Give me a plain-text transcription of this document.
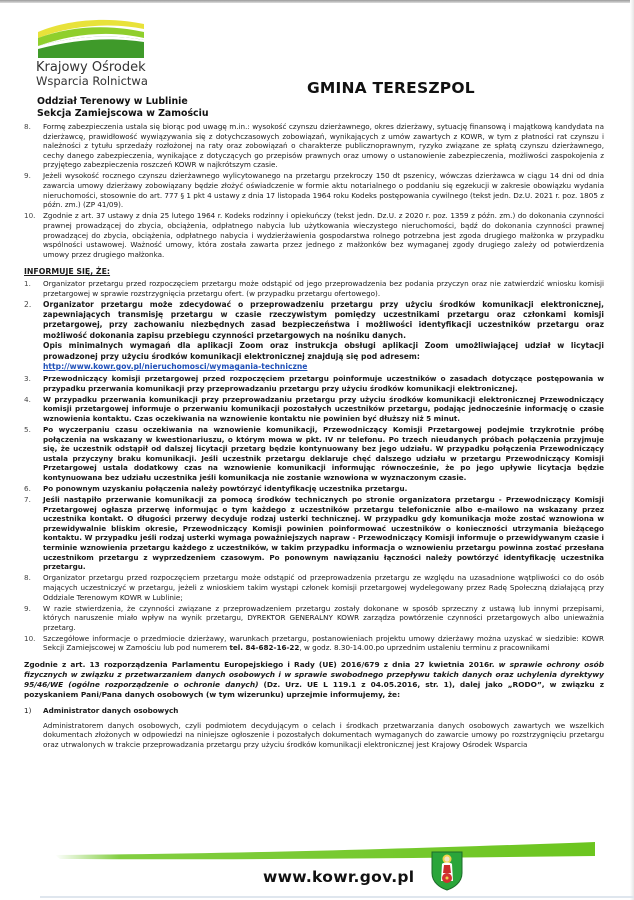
Krajowy Ośrodek
Wsparcia Rolnictwa
Oddział Terenowy w Lublinie
Sekcja Zamiejscowa w Zamościu
GMINA TERESZPOL
8. Formę zabezpieczenia ustala się biorąc pod uwagę m.in.: wysokość czynszu dzierżawnego, okres dzierżawy, sytuację finansową i majątkową kandydata na dzierżawcę, prawidłowość wywiązywania się z dotychczasowych zobowiązań, wynikających z umów zawartych z KOWR, w tym z płatności rat czynszu i należności z tytułu sprzedaży rozłożonej na raty oraz zobowiązań o charakterze publicznoprawnym, ryzyko związane ze spłatą czynszu dzierżawnego, cechy danego zabezpieczenia, wynikające z dotyczących go przepisów prawnych oraz umowy o ustanowienie zabezpieczenia, możliwości zaspokojenia z przyjętego zabezpieczenia roszczeń KOWR w najkrótszym czasie.
9. Jeżeli wysokość rocznego czynszu dzierżawnego wylicytowanego na przetargu przekroczy 150 dt pszenicy, wówczas dzierżawca w ciągu 14 dni od dnia zawarcia umowy dzierżawy zobowiązany będzie złożyć oświadczenie w formie aktu notarialnego o poddaniu się egzekucji w zakresie obowiązku wydania nieruchomości, stosownie do art. 777 § 1 pkt 4 ustawy z dnia 17 listopada 1964 roku Kodeks postępowania cywilnego (tekst jedn. Dz.U. 2021 r. poz. 1805 z późn. zm.) (ZP 41/09).
10. Zgodnie z art. 37 ustawy z dnia 25 lutego 1964 r. Kodeks rodzinny i opiekuńczy (tekst jedn. Dz.U. z 2020 r. poz. 1359 z późn. zm.) do dokonania czynności prawnej prowadzącej do zbycia, obciążenia, odpłatnego nabycia lub użytkowania wieczystego nieruchomości, bądź do dokonania czynności prawnej prowadzącej do zbycia, obciążenia, odpłatnego nabycia i wydzierżawienia gospodarstwa rolnego potrzebna jest zgoda drugiego małżonka w przypadku wspólności ustawowej. Ważność umowy, która została zawarta przez jednego z małżonków bez wymaganej zgody drugiego zależy od potwierdzenia umowy przez drugiego małżonka.
INFORMUJE SIĘ, ŻE:
1. Organizator przetargu przed rozpoczęciem przetargu może odstąpić od jego przeprowadzenia bez podania przyczyn oraz nie zatwierdzić wniosku komisji przetargowej w sprawie rozstrzygnięcia przetargu ofert. (w przypadku przetargu ofertowego).
2. Organizator przetargu może zdecydować o przeprowadzeniu przetargu przy użyciu środków komunikacji elektronicznej, zapewniających transmisję przetargu w czasie rzeczywistym pomiędzy uczestnikami przetargu oraz członkami komisji przetargowej, przy zachowaniu niezbędnych zasad bezpieczeństwa i możliwości identyfikacji uczestników przetargu oraz możliwość dokonania zapisu przebiegu czynności przetargowych na nośniku danych.
Opis minimalnych wymagań dla aplikacji Zoom oraz instrukcja obsługi aplikacji Zoom umożliwiającej udział w licytacji prowadzonej przy użyciu środków komunikacji elektronicznej znajdują się pod adresem:
http://www.kowr.gov.pl/nieruchomosci/wymagania-techniczne
3. Przewodniczący komisji przetargowej przed rozpoczęciem przetargu poinformuje uczestników o zasadach dotyczące postępowania w przypadku przerwania komunikacji przy przeprowadzaniu przetargu przy użyciu środków komunikacji elektronicznej.
4. W przypadku przerwania komunikacji przy przeprowadzaniu przetargu przy użyciu środków komunikacji elektronicznej Przewodniczący komisji przetargowej informuje o przerwaniu komunikacji pozostałych uczestników przetargu, podając jednocześnie informację o czasie wznowienia kontaktu. Czas oczekiwania na wznowienie kontaktu nie powinien być dłuższy niż 5 minut.
5. Po wyczerpaniu czasu oczekiwania na wznowienie komunikacji, Przewodniczący Komisji Przetargowej podejmie trzykrotnie próbę połączenia na wskazany w kwestionariuszu, o którym mowa w pkt. IV nr telefonu. Po trzech nieudanych próbach połączenia przyjmuje się, że uczestnik odstąpił od dalszej licytacji przetarg będzie kontynuowany bez jego udziału. W przypadku połączenia Przewodniczący ustala przyczyny braku komunikacji. Jeśli uczestnik przetargu deklaruje chęć dalszego udziału w przetargu Przewodniczący Komisji Przetargowej ustala dodatkowy czas na wznowienie komunikacji informując równocześnie, że po jego upływie licytacja będzie kontynuowana bez udziału uczestnika jeśli komunikacja nie zostanie wznowiona w wyznaczonym czasie.
6. Po ponownym uzyskaniu połączenia należy powtórzyć identyfikację uczestnika przetargu.
7. Jeśli nastąpiło przerwanie komunikacji za pomocą środków technicznych po stronie organizatora przetargu - Przewodniczący Komisji Przetargowej ogłasza przerwę informując o tym każdego z uczestników przetargu telefonicznie albo e-mailowo na wskazany przez uczestnika kontakt. O długości przerwy decyduje rodzaj usterki technicznej. W przypadku gdy komunikacja może zostać wznowiona w przewidywalnie bliskim okresie, Przewodniczący Komisji powinien poinformować uczestników o konieczności utrzymania bieżącego kontaktu. W przypadku jeśli rodzaj usterki wymaga poważniejszych napraw - Przewodniczący Komisji informuje o przewidywanym czasie i terminie wznowienia przetargu każdego z uczestników, w takim przypadku informacja o wznowieniu przetargu powinna zostać przesłana uczestnikom przetargu z wyprzedzeniem czasowym. Po ponownym nawiązaniu łączności należy powtórzyć identyfikację uczestnika przetargu.
8. Organizator przetargu przed rozpoczęciem przetargu może odstąpić od przeprowadzenia przetargu ze względu na uzasadnione wątpliwości co do osób mających uczestniczyć w przetargu, jeżeli z wnioskiem takim wystąpi członek komisji przetargowej wydelegowany przez Radę Społeczną działającą przy Oddziale Terenowym KOWR w Lublinie;
9. W razie stwierdzenia, że czynności związane z przeprowadzeniem przetargu zostały dokonane w sposób sprzeczny z ustawą lub innymi przepisami, których naruszenie miało wpływ na wynik przetargu, DYREKTOR GENERALNY KOWR zarządza powtórzenie czynności przetargowych albo unieważnia przetarg.
10. Szczegółowe informacje o przedmiocie dzierżawy, warunkach przetargu, postanowieniach projektu umowy dzierżawy można uzyskać w siedzibie: KOWR Sekcji Zamiejscowej w Zamościu lub pod numerem tel. 84-682-16-22, w godz. 8.30-14.00.po uprzednim ustaleniu terminu z pracownikami
Zgodnie z art. 13 rozporządzenia Parlamentu Europejskiego i Rady (UE) 2016/679 z dnia 27 kwietnia 2016r. w sprawie ochrony osób fizycznych w związku z przetwarzaniem danych osobowych i w sprawie swobodnego przepływu takich danych oraz uchylenia dyrektywy 95/46/WE (ogólne rozporządzenie o ochronie danych) (Dz. Urz. UE L 119.1 z 04.05.2016, str. 1), dalej jako „RODO”, w związku z pozyskaniem Pani/Pana danych osobowych (w tym wizerunku) uprzejmie informujemy, że:
1) Administrator danych osobowych
Administratorem danych osobowych, czyli podmiotem decydującym o celach i środkach przetwarzania danych osobowych zawartych we wszelkich dokumentach złożonych w odpowiedzi na niniejsze ogłoszenie i pozostałych dokumentach wymaganych do zawarcie umowy po rozstrzygnięciu przetargu oraz utrwalonych w trakcie przeprowadzania przetargu przy użyciu środków komunikacji elektronicznej jest Krajowy Ośrodek Wsparcia
www.kowr.gov.pl
